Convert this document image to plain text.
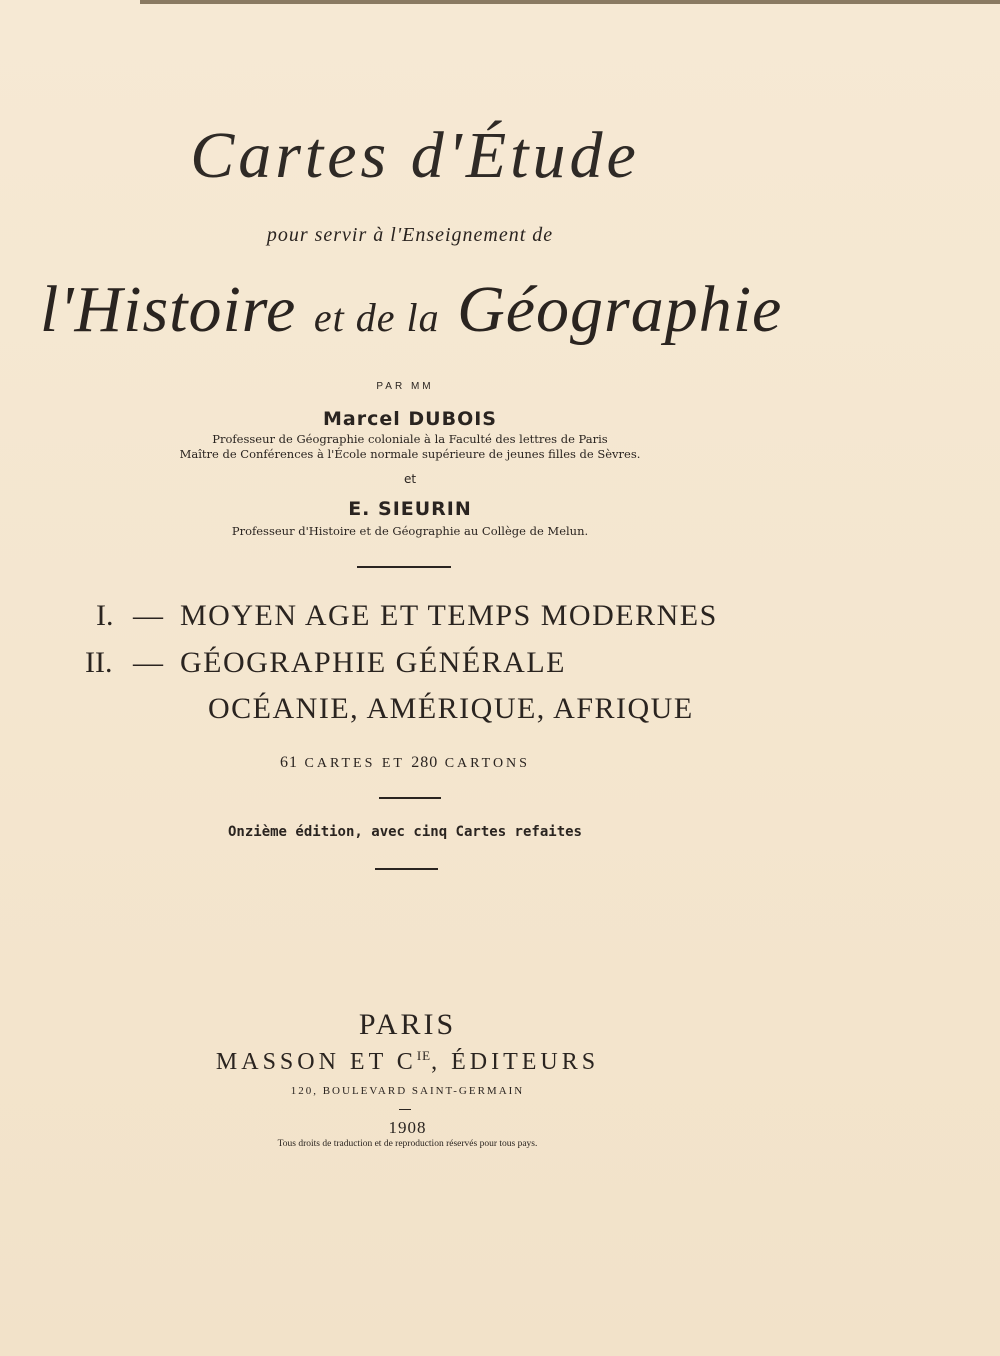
Cartes d'Étude
pour servir à l'Enseignement de
l'Histoire et de la Géographie
PAR MM
Marcel DUBOIS
Professeur de Géographie coloniale à la Faculté des lettres de Paris
Maître de Conférences à l'École normale supérieure de jeunes filles de Sèvres.
et
E. SIEURIN
Professeur d'Histoire et de Géographie au Collège de Melun.
I. — MOYEN AGE ET TEMPS MODERNES
II. — GÉOGRAPHIE GÉNÉRALE
OCÉANIE, AMÉRIQUE, AFRIQUE
61 CARTES ET 280 CARTONS
Onzième édition, avec cinq Cartes refaites
PARIS
MASSON ET $C^{IE}$, ÉDITEURS
120, BOULEVARD SAINT-GERMAIN
1908
Tous droits de traduction et de reproduction réservés pour tous pays.
